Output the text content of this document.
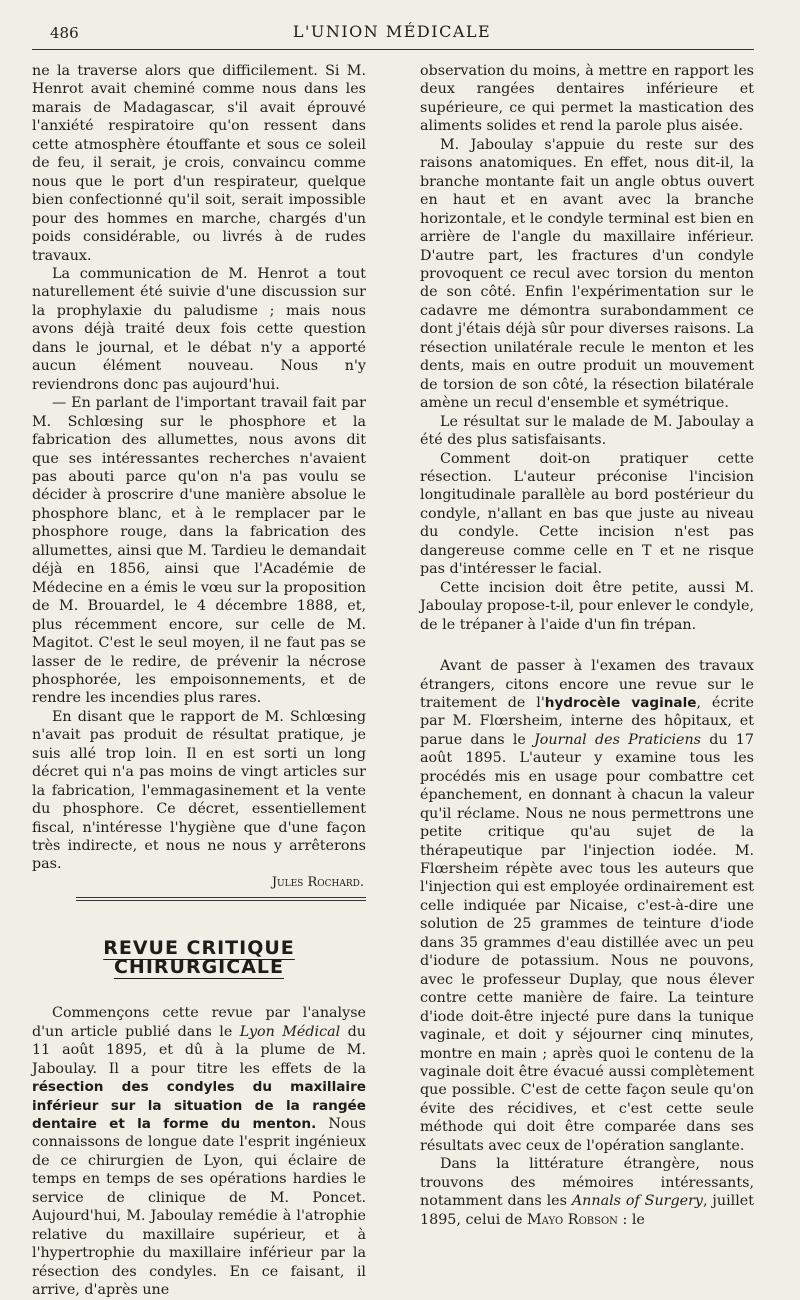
486	L'UNION MÉDICALE

ne la traverse alors que difficilement. Si M. Henrot avait cheminé comme nous dans les marais de Madagascar, s'il avait éprouvé l'anxiété respiratoire qu'on ressent dans cette atmosphère étouffante et sous ce soleil de feu, il serait, je crois, convaincu comme nous que le port d'un respirateur, quelque bien confectionné qu'il soit, serait impossible pour des hommes en marche, chargés d'un poids considérable, ou livrés à de rudes travaux.

La communication de M. Henrot a tout naturellement été suivie d'une discussion sur la prophylaxie du paludisme ; mais nous avons déjà traité deux fois cette question dans le journal, et le débat n'y a apporté aucun élément nouveau. Nous n'y reviendrons donc pas aujourd'hui.

— En parlant de l'important travail fait par M. Schlœsing sur le phosphore et la fabrication des allumettes, nous avons dit que ses intéressantes recherches n'avaient pas abouti parce qu'on n'a pas voulu se décider à proscrire d'une manière absolue le phosphore blanc, et à le remplacer par le phosphore rouge, dans la fabrication des allumettes, ainsi que M. Tardieu le demandait déjà en 1856, ainsi que l'Académie de Médecine en a émis le vœu sur la proposition de M. Brouardel, le 4 décembre 1888, et, plus récemment encore, sur celle de M. Magitot. C'est le seul moyen, il ne faut pas se lasser de le redire, de prévenir la nécrose phosphorée, les empoisonnements, et de rendre les incendies plus rares.

En disant que le rapport de M. Schlœsing n'avait pas produit de résultat pratique, je suis allé trop loin. Il en est sorti un long décret qui n'a pas moins de vingt articles sur la fabrication, l'emmagasinement et la vente du phosphore. Ce décret, essentiellement fiscal, n'intéresse l'hygiène que d'une façon très indirecte, et nous ne nous y arrêterons pas.

Jules Rochard.

REVUE CRITIQUE CHIRURGICALE

Commençons cette revue par l'analyse d'un article publié dans le Lyon Médical du 11 août 1895, et dû à la plume de M. Jaboulay. Il a pour titre les effets de la résection des condyles du maxillaire inférieur sur la situation de la rangée dentaire et la forme du menton. Nous connaissons de longue date l'esprit ingénieux de ce chirurgien de Lyon, qui éclaire de temps en temps de ses opérations hardies le service de clinique de M. Poncet. Aujourd'hui, M. Jaboulay remédie à l'atrophie relative du maxillaire supérieur, et à l'hypertrophie du maxillaire inférieur par la résection des condyles. En ce faisant, il arrive, d'après une

observation du moins, à mettre en rapport les deux rangées dentaires inférieure et supérieure, ce qui permet la mastication des aliments solides et rend la parole plus aisée.

M. Jaboulay s'appuie du reste sur des raisons anatomiques. En effet, nous dit-il, la branche montante fait un angle obtus ouvert en haut et en avant avec la branche horizontale, et le condyle terminal est bien en arrière de l'angle du maxillaire inférieur. D'autre part, les fractures d'un condyle provoquent ce recul avec torsion du menton de son côté. Enfin l'expérimentation sur le cadavre me démontra surabondamment ce dont j'étais déjà sûr pour diverses raisons. La résection unilatérale recule le menton et les dents, mais en outre produit un mouvement de torsion de son côté, la résection bilatérale amène un recul d'ensemble et symétrique.

Le résultat sur le malade de M. Jaboulay a été des plus satisfaisants.

Comment doit-on pratiquer cette résection. L'auteur préconise l'incision longitudinale parallèle au bord postérieur du condyle, n'allant en bas que juste au niveau du condyle. Cette incision n'est pas dangereuse comme celle en T et ne risque pas d'intéresser le facial.

Cette incision doit être petite, aussi M. Jaboulay propose-t-il, pour enlever le condyle, de le trépaner à l'aide d'un fin trépan.

Avant de passer à l'examen des travaux étrangers, citons encore une revue sur le traitement de l'hydrocèle vaginale, écrite par M. Flœrsheim, interne des hôpitaux, et parue dans le Journal des Praticiens du 17 août 1895. L'auteur y examine tous les procédés mis en usage pour combattre cet épanchement, en donnant à chacun la valeur qu'il réclame. Nous ne nous permettrons une petite critique qu'au sujet de la thérapeutique par l'injection iodée. M. Flœrsheim répète avec tous les auteurs que l'injection qui est employée ordinairement est celle indiquée par Nicaise, c'est-à-dire une solution de 25 grammes de teinture d'iode dans 35 grammes d'eau distillée avec un peu d'iodure de potassium. Nous ne pouvons, avec le professeur Duplay, que nous élever contre cette manière de faire. La teinture d'iode doit-être injecté pure dans la tunique vaginale, et doit y séjourner cinq minutes, montre en main ; après quoi le contenu de la vaginale doit être évacué aussi complètement que possible. C'est de cette façon seule qu'on évite des récidives, et c'est cette seule méthode qui doit être comparée dans ses résultats avec ceux de l'opération sanglante.

Dans la littérature étrangère, nous trouvons des mémoires intéressants, notamment dans les Annals of Surgery, juillet 1895, celui de Mayo Robson : le
